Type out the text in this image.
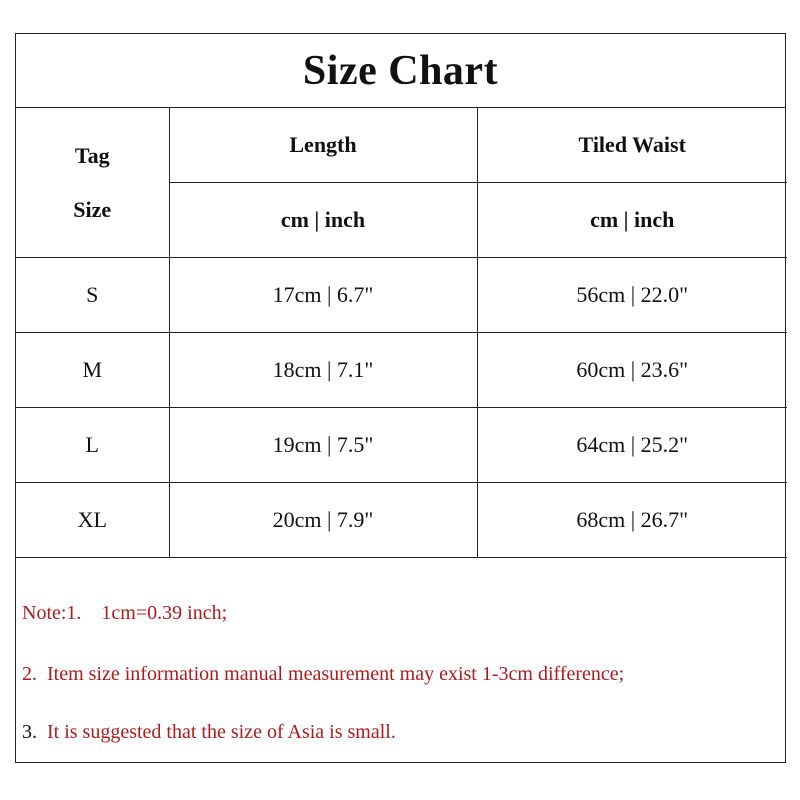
Size Chart
Tag
Size	Length	Tiled Waist
	cm | inch	cm | inch
S	17cm | 6.7"	56cm | 22.0"
M	18cm | 7.1"	60cm | 23.6"
L	19cm | 7.5"	64cm | 25.2"
XL	20cm | 7.9"	68cm | 26.7"
Note:1.    1cm=0.39 inch;
2.  Item size information manual measurement may exist 1-3cm difference;
3.  It is suggested that the size of Asia is small.
